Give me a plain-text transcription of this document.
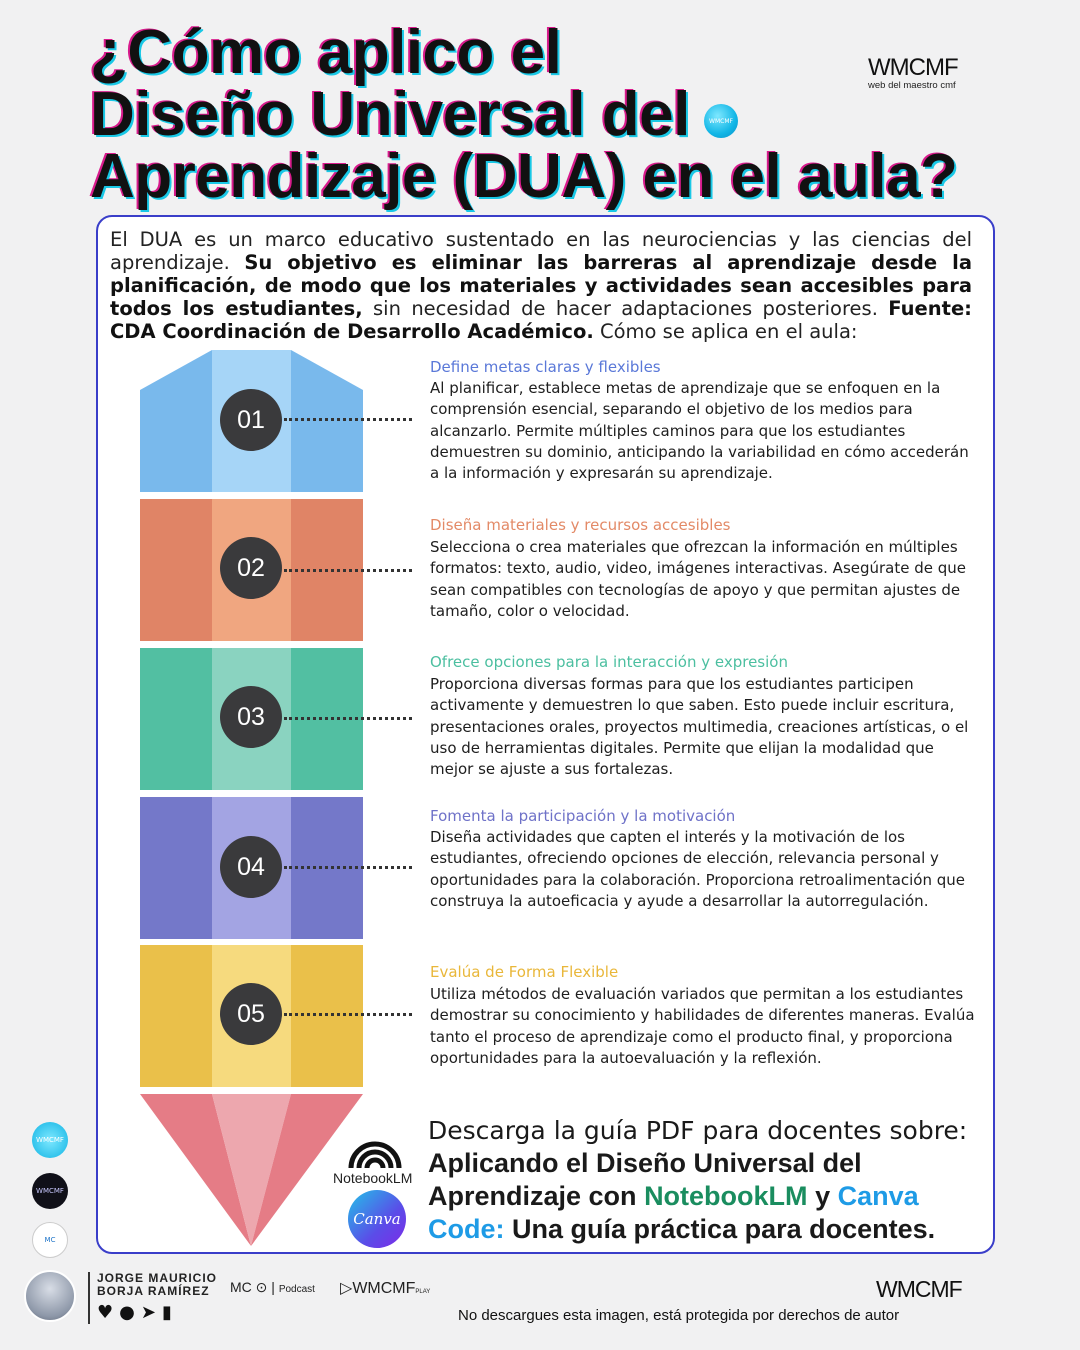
¿Cómo aplico el
Diseño Universal del
Aprendizaje (DUA) en el aula?
WMCMF
WMCMF
web del maestro cmf
El DUA es un marco educativo sustentado en las neurociencias y las ciencias del aprendizaje. Su objetivo es eliminar las barreras al aprendizaje desde la planificación, de modo que los materiales y actividades sean accesibles para todos los estudiantes, sin necesidad de hacer adaptaciones posteriores. Fuente: CDA Coordinación de Desarrollo Académico. Cómo se aplica en el aula:
01
02
03
04
05
Define metas claras y flexibles
Al planificar, establece metas de aprendizaje que se enfoquen en la comprensión esencial, separando el objetivo de los medios para alcanzarlo. Permite múltiples caminos para que los estudiantes demuestren su dominio, anticipando la variabilidad en cómo accederán a la información y expresarán su aprendizaje.
Diseña materiales y recursos accesibles
Selecciona o crea materiales que ofrezcan la información en múltiples formatos: texto, audio, video, imágenes interactivas. Asegúrate de que sean compatibles con tecnologías de apoyo y que permitan ajustes de tamaño, color o velocidad.
Ofrece opciones para la interacción y expresión
Proporciona diversas formas para que los estudiantes participen activamente y demuestren lo que saben. Esto puede incluir escritura, presentaciones orales, proyectos multimedia, creaciones artísticas, o el uso de herramientas digitales. Permite que elijan la modalidad que mejor se ajuste a sus fortalezas.
Fomenta la participación y la motivación
Diseña actividades que capten el interés y la motivación de los estudiantes, ofreciendo opciones de elección, relevancia personal y oportunidades para la colaboración. Proporciona retroalimentación que construya la autoeficacia y ayude a desarrollar la autorregulación.
Evalúa de Forma Flexible
Utiliza métodos de evaluación variados que permitan a los estudiantes demostrar su conocimiento y habilidades de diferentes maneras. Evalúa tanto el proceso de aprendizaje como el producto final, y proporciona oportunidades para la autoevaluación y la reflexión.
Descarga la guía PDF para docentes sobre:
Aplicando el Diseño Universal del Aprendizaje con NotebookLM y Canva Code: Una guía práctica para docentes.
NotebookLM
Canva
WMCMF
WMCMF
MC
JORGE MAURICIO
BORJA RAMÍREZ
♥●➤▮
MC ⊙ | Podcast ▷WMCMFPLAY	WMCMF
No descargues esta imagen, está protegida por derechos de autor
